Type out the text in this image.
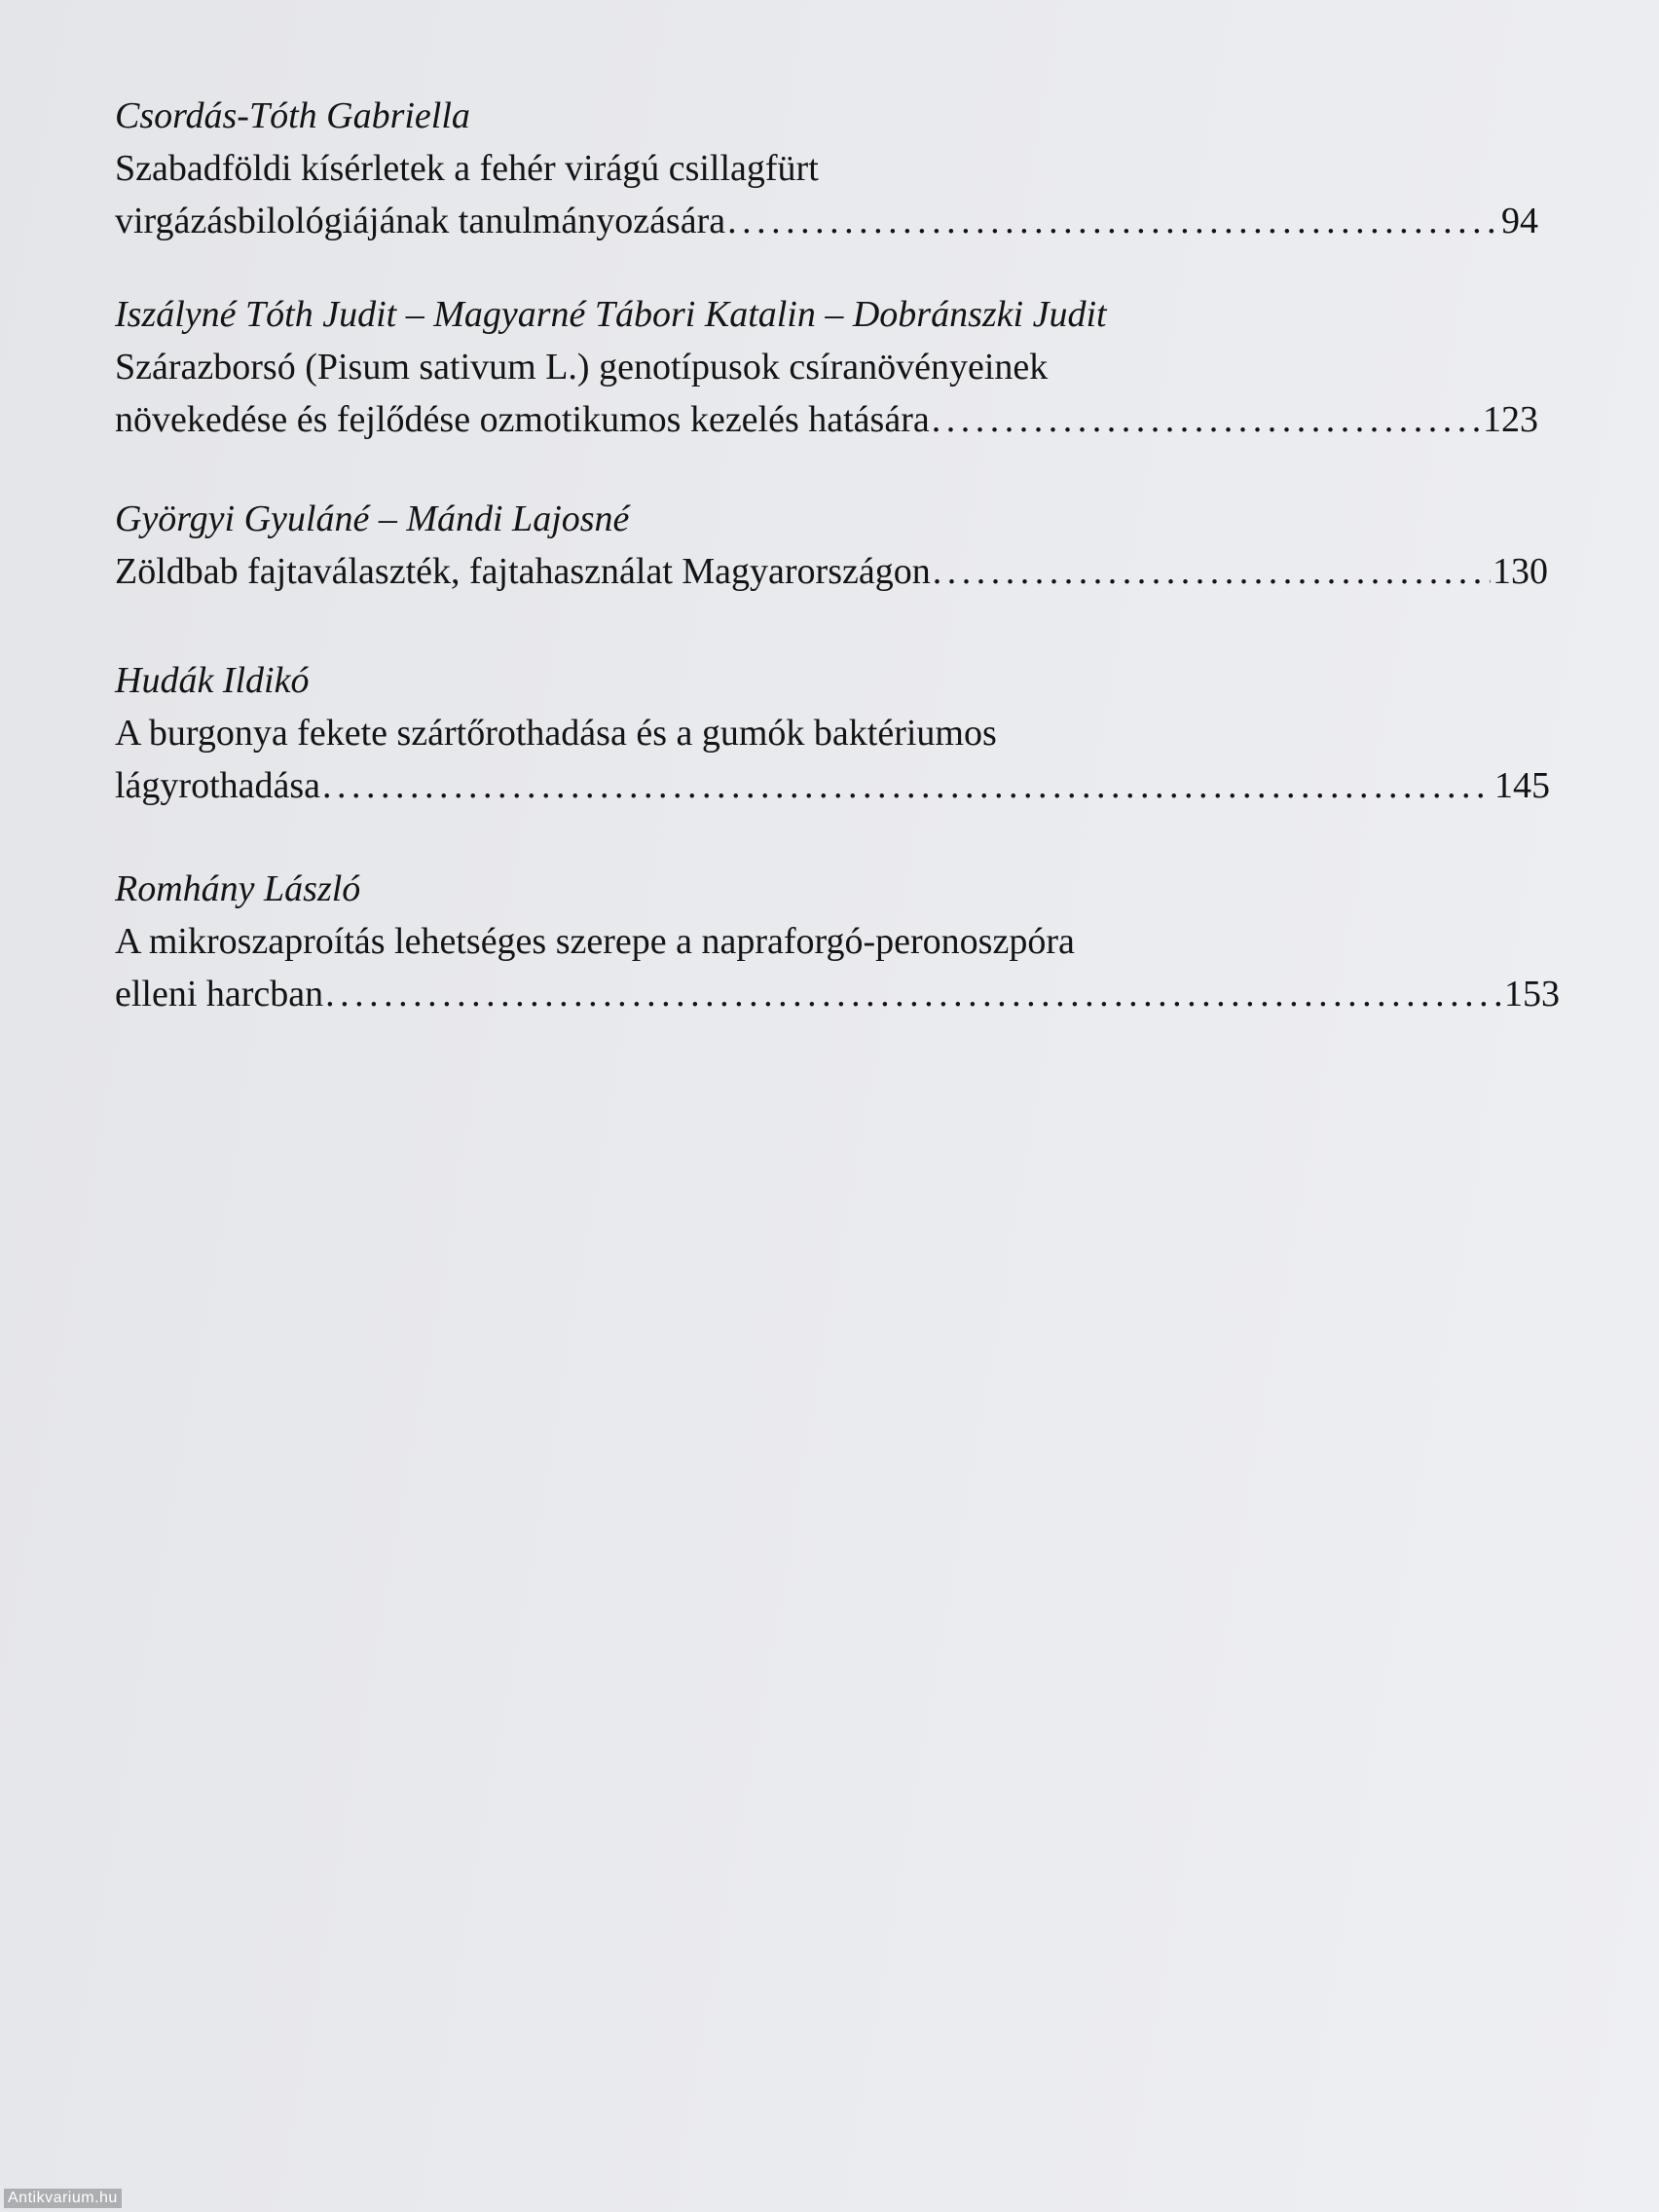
Csordás-Tóth Gabriella
Szabadföldi kísérletek a fehér virágú csillagfürt
virgázásbilológiájának tanulmányozására . . .	94
Iszályné Tóth Judit – Magyarné Tábori Katalin – Dobránszki Judit
Szárazborsó (Pisum sativum L.) genotípusok csíranövényeinek
növekedése és fejlődése ozmotikumos kezelés hatására . . .	123
Györgyi Gyuláné – Mándi Lajosné
Zöldbab fajtaválaszték, fajtahasználat Magyarországon . . .	130
Hudák Ildikó
A burgonya fekete szártőrothadása és a gumók baktériumos
lágyrothadása . . .	145
Romhány László
A mikroszaproítás lehetséges szerepe a napraforgó-peronoszpóra
elleni harcban . . .	153
Antikvarium.hu
